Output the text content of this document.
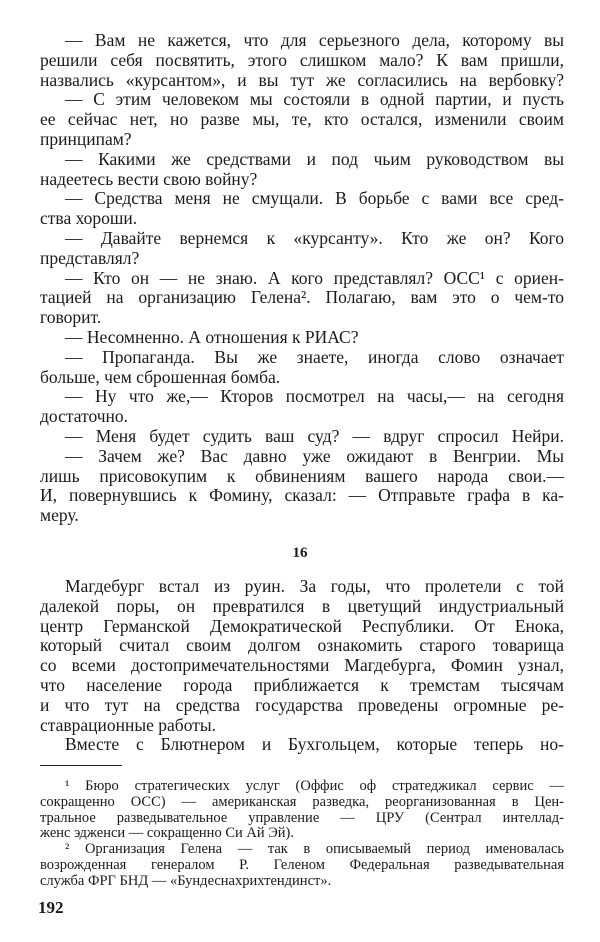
— Вам не кажется, что для серьезного дела, которому вы
решили себя посвятить, этого слишком мало? К вам пришли,
назвались «курсантом», и вы тут же согласились на вербовку?
— С этим человеком мы состояли в одной партии, и пусть
ее сейчас нет, но разве мы, те, кто остался, изменили своим
принципам?
— Какими же средствами и под чьим руководством вы
надеетесь вести свою войну?
— Средства меня не смущали. В борьбе с вами все сред-
ства хороши.
— Давайте вернемся к «курсанту». Кто же он? Кого
представлял?
— Кто он — не знаю. А кого представлял? ОСС¹ с ориен-
тацией на организацию Гелена². Полагаю, вам это о чем-то
говорит.
— Несомненно. А отношения к РИАС?
— Пропаганда. Вы же знаете, иногда слово означает
больше, чем сброшенная бомба.
— Ну что же,— Кторов посмотрел на часы,— на сегодня
достаточно.
— Меня будет судить ваш суд? — вдруг спросил Нейри.
— Зачем же? Вас давно уже ожидают в Венгрии. Мы
лишь присовокупим к обвинениям вашего народа свои.—
И, повернувшись к Фомину, сказал: — Отправьте графа в ка-
меру.
16
Магдебург встал из руин. За годы, что пролетели с той
далекой поры, он превратился в цветущий индустриальный
центр Германской Демократической Республики. От Енока,
который считал своим долгом ознакомить старого товарища
со всеми достопримечательностями Магдебурга, Фомин узнал,
что население города приближается к тремстам тысячам
и что тут на средства государства проведены огромные ре-
ставрационные работы.
Вместе с Блютнером и Бухгольцем, которые теперь но-
¹ Бюро стратегических услуг (Оффис оф стратеджикал сервис —
сокращенно ОСС) — американская разведка, реорганизованная в Цен-
тральное разведывательное управление — ЦРУ (Сентрал интеллад-
женс эдженси — сокращенно Си Ай Эй).
² Организация Гелена — так в описываемый период именовалась
возрожденная генералом Р. Геленом Федеральная разведывательная
служба ФРГ БНД — «Бундеснахрихтендинст».
192
